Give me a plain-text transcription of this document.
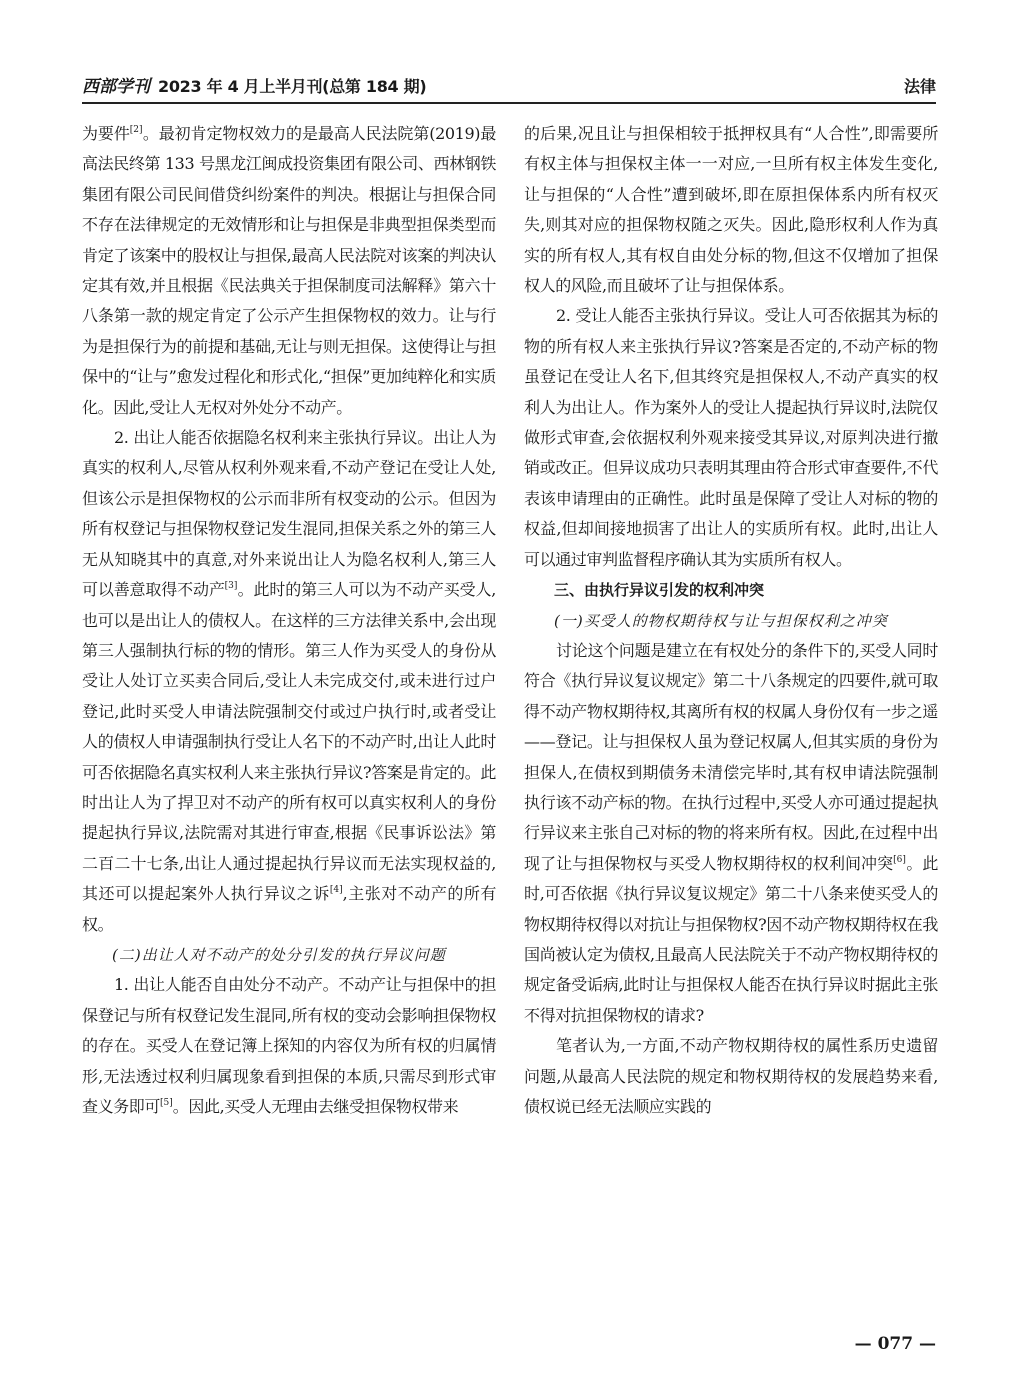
西部学刊 2023 年 4 月上半月刊(总第 184 期)	法律

为要件[2]。最初肯定物权效力的是最高人民法院第(2019)最高法民终第 133 号黑龙江闽成投资集团有限公司、西林钢铁集团有限公司民间借贷纠纷案件的判决。根据让与担保合同不存在法律规定的无效情形和让与担保是非典型担保类型而肯定了该案中的股权让与担保,最高人民法院对该案的判决认定其有效,并且根据《民法典关于担保制度司法解释》第六十八条第一款的规定肯定了公示产生担保物权的效力。让与行为是担保行为的前提和基础,无让与则无担保。这使得让与担保中的“让与”愈发过程化和形式化,“担保”更加纯粹化和实质化。因此,受让人无权对外处分不动产。

2. 出让人能否依据隐名权利来主张执行异议。出让人为真实的权利人,尽管从权利外观来看,不动产登记在受让人处,但该公示是担保物权的公示而非所有权变动的公示。但因为所有权登记与担保物权登记发生混同,担保关系之外的第三人无从知晓其中的真意,对外来说出让人为隐名权利人,第三人可以善意取得不动产[3]。此时的第三人可以为不动产买受人,也可以是出让人的债权人。在这样的三方法律关系中,会出现第三人强制执行标的物的情形。第三人作为买受人的身份从受让人处订立买卖合同后,受让人未完成交付,或未进行过户登记,此时买受人申请法院强制交付或过户执行时,或者受让人的债权人申请强制执行受让人名下的不动产时,出让人此时可否依据隐名真实权利人来主张执行异议?答案是肯定的。此时出让人为了捍卫对不动产的所有权可以真实权利人的身份提起执行异议,法院需对其进行审查,根据《民事诉讼法》第二百二十七条,出让人通过提起执行异议而无法实现权益的,其还可以提起案外人执行异议之诉[4],主张对不动产的所有权。

(二)出让人对不动产的处分引发的执行异议问题

1. 出让人能否自由处分不动产。不动产让与担保中的担保登记与所有权登记发生混同,所有权的变动会影响担保物权的存在。买受人在登记簿上探知的内容仅为所有权的归属情形,无法透过权利归属现象看到担保的本质,只需尽到形式审查义务即可[5]。因此,买受人无理由去继受担保物权带来

的后果,况且让与担保相较于抵押权具有“人合性”,即需要所有权主体与担保权主体一一对应,一旦所有权主体发生变化,让与担保的“人合性”遭到破坏,即在原担保体系内所有权灭失,则其对应的担保物权随之灭失。因此,隐形权利人作为真实的所有权人,其有权自由处分标的物,但这不仅增加了担保权人的风险,而且破坏了让与担保体系。

2. 受让人能否主张执行异议。受让人可否依据其为标的物的所有权人来主张执行异议?答案是否定的,不动产标的物虽登记在受让人名下,但其终究是担保权人,不动产真实的权利人为出让人。作为案外人的受让人提起执行异议时,法院仅做形式审查,会依据权利外观来接受其异议,对原判决进行撤销或改正。但异议成功只表明其理由符合形式审查要件,不代表该申请理由的正确性。此时虽是保障了受让人对标的物的权益,但却间接地损害了出让人的实质所有权。此时,出让人可以通过审判监督程序确认其为实质所有权人。

三、由执行异议引发的权利冲突

(一)买受人的物权期待权与让与担保权利之冲突

讨论这个问题是建立在有权处分的条件下的,买受人同时符合《执行异议复议规定》第二十八条规定的四要件,就可取得不动产物权期待权,其离所有权的权属人身份仅有一步之遥——登记。让与担保权人虽为登记权属人,但其实质的身份为担保人,在债权到期债务未清偿完毕时,其有权申请法院强制执行该不动产标的物。在执行过程中,买受人亦可通过提起执行异议来主张自己对标的物的将来所有权。因此,在过程中出现了让与担保物权与买受人物权期待权的权利间冲突[6]。此时,可否依据《执行异议复议规定》第二十八条来使买受人的物权期待权得以对抗让与担保物权?因不动产物权期待权在我国尚被认定为债权,且最高人民法院关于不动产物权期待权的规定备受诟病,此时让与担保权人能否在执行异议时据此主张不得对抗担保物权的请求?

笔者认为,一方面,不动产物权期待权的属性系历史遗留问题,从最高人民法院的规定和物权期待权的发展趋势来看,债权说已经无法顺应实践的

— 077 —
